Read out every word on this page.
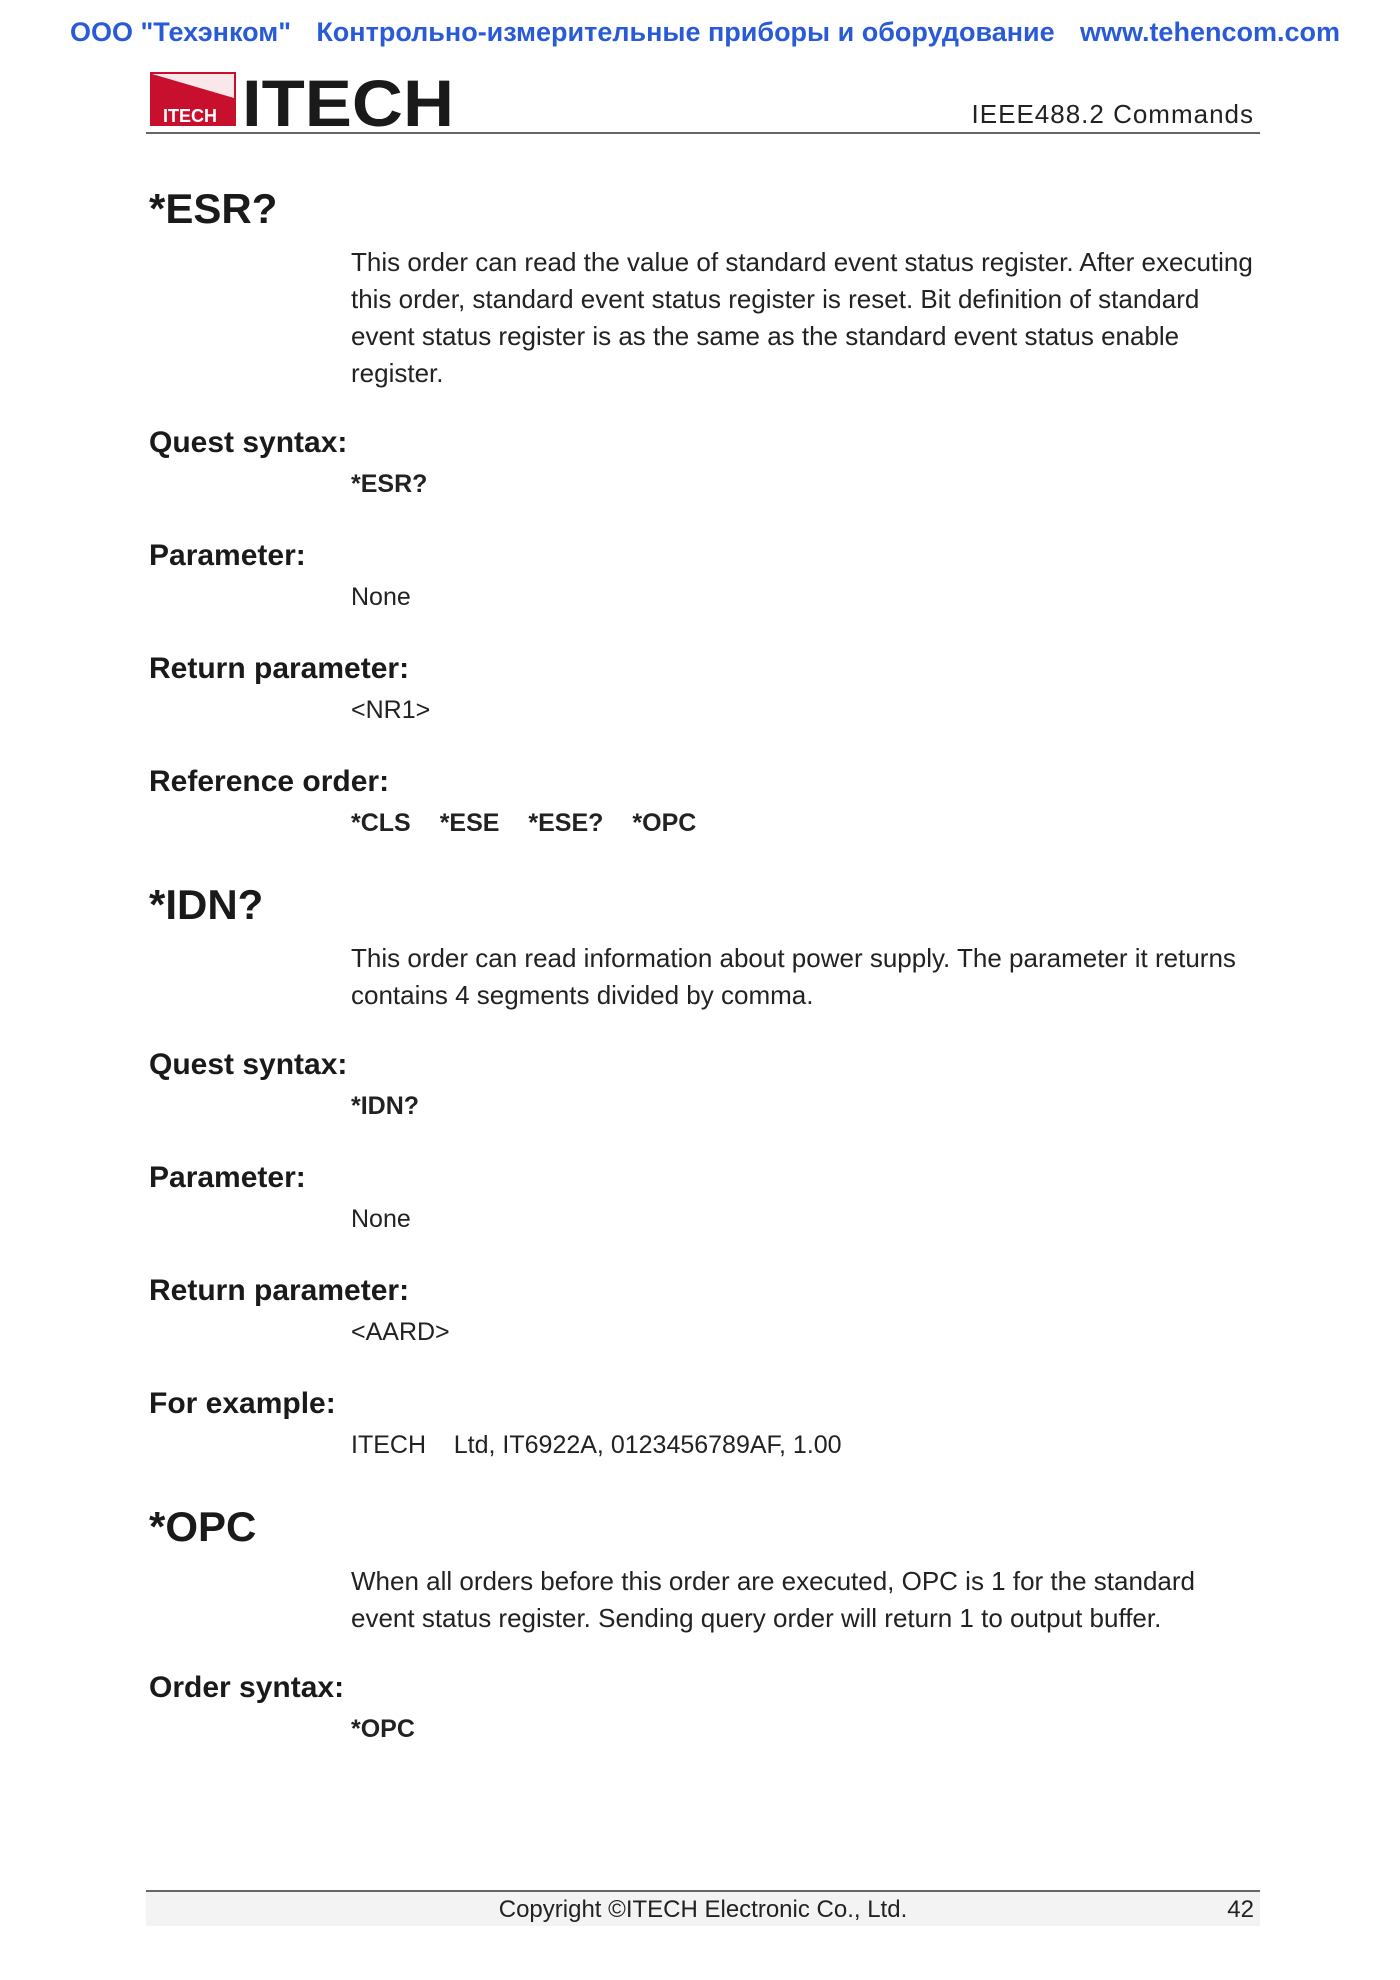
ООО "Техэнком" Контрольно-измерительные приборы и оборудование www.tehencom.com
ITECH ITECH	IEEE488.2 Commands
*ESR?
This order can read the value of standard event status register. After executing this order, standard event status register is reset. Bit definition of standard event status register is as the same as the standard event status enable register.
Quest syntax:
*ESR?
Parameter:
None
Return parameter:
<NR1>
Reference order:
*CLS *ESE *ESE? *OPC
*IDN?
This order can read information about power supply. The parameter it returns contains 4 segments divided by comma.
Quest syntax:
*IDN?
Parameter:
None
Return parameter:
<AARD>
For example:
ITECH    Ltd, IT6922A, 0123456789AF, 1.00
*OPC
When all orders before this order are executed, OPC is 1 for the standard event status register. Sending query order will return 1 to output buffer.
Order syntax:
*OPC
Copyright ©ITECH Electronic Co., Ltd.	42
